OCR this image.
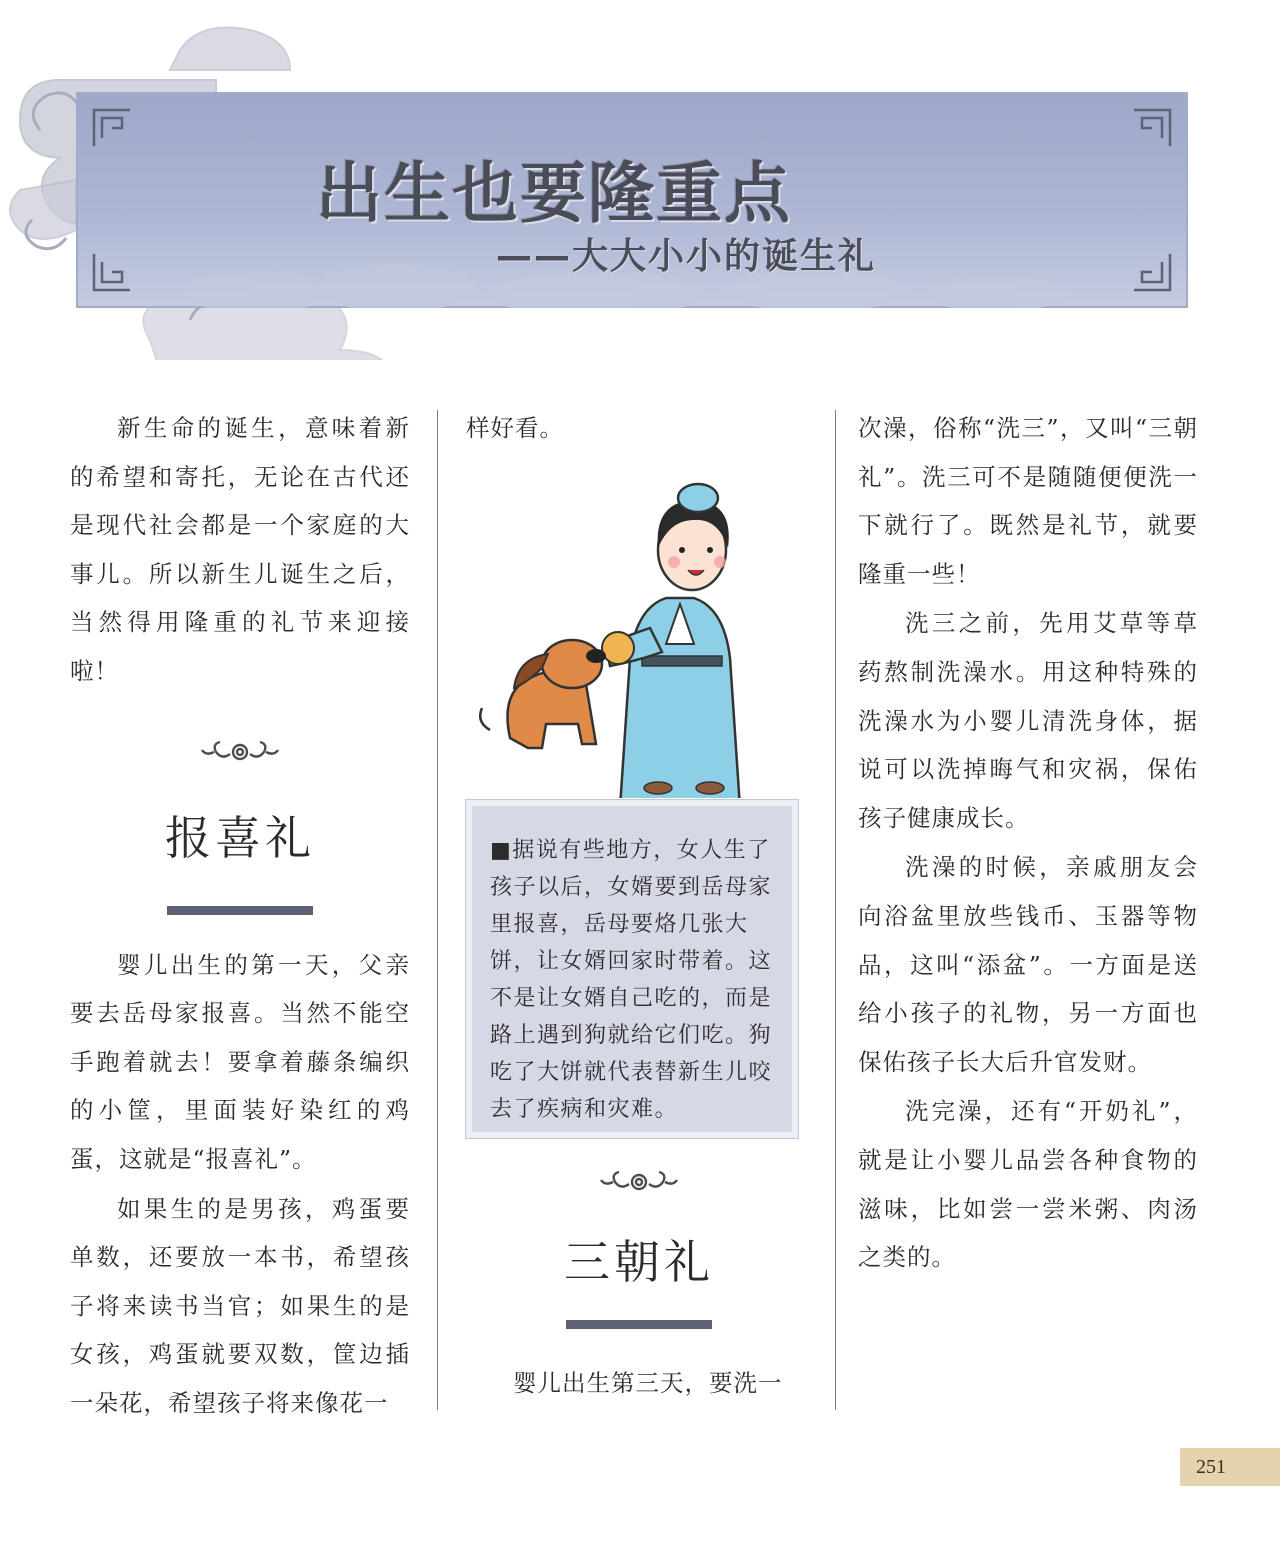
出生也要隆重点
——大大小小的诞生礼

新生命的诞生，意味着新的希望和寄托，无论在古代还是现代社会都是一个家庭的大事儿。所以新生儿诞生之后，当然得用隆重的礼节来迎接啦！

报喜礼

婴儿出生的第一天，父亲要去岳母家报喜。当然不能空手跑着就去！要拿着藤条编织的小筐，里面装好染红的鸡蛋，这就是“报喜礼”。

如果生的是男孩，鸡蛋要单数，还要放一本书，希望孩子将来读书当官；如果生的是女孩，鸡蛋就要双数，筐边插一朵花，希望孩子将来像花一

样好看。

■据说有些地方，女人生了孩子以后，女婿要到岳母家里报喜，岳母要烙几张大饼，让女婿回家时带着。这不是让女婿自己吃的，而是路上遇到狗就给它们吃。狗吃了大饼就代表替新生儿咬去了疾病和灾难。

三朝礼

婴儿出生第三天，要洗一

次澡，俗称“洗三”，又叫“三朝礼”。洗三可不是随随便便洗一下就行了。既然是礼节，就要隆重一些！

洗三之前，先用艾草等草药熬制洗澡水。用这种特殊的洗澡水为小婴儿清洗身体，据说可以洗掉晦气和灾祸，保佑孩子健康成长。

洗澡的时候，亲戚朋友会向浴盆里放些钱币、玉器等物品，这叫“添盆”。一方面是送给小孩子的礼物，另一方面也保佑孩子长大后升官发财。

洗完澡，还有“开奶礼”，就是让小婴儿品尝各种食物的滋味，比如尝一尝米粥、肉汤之类的。

251
